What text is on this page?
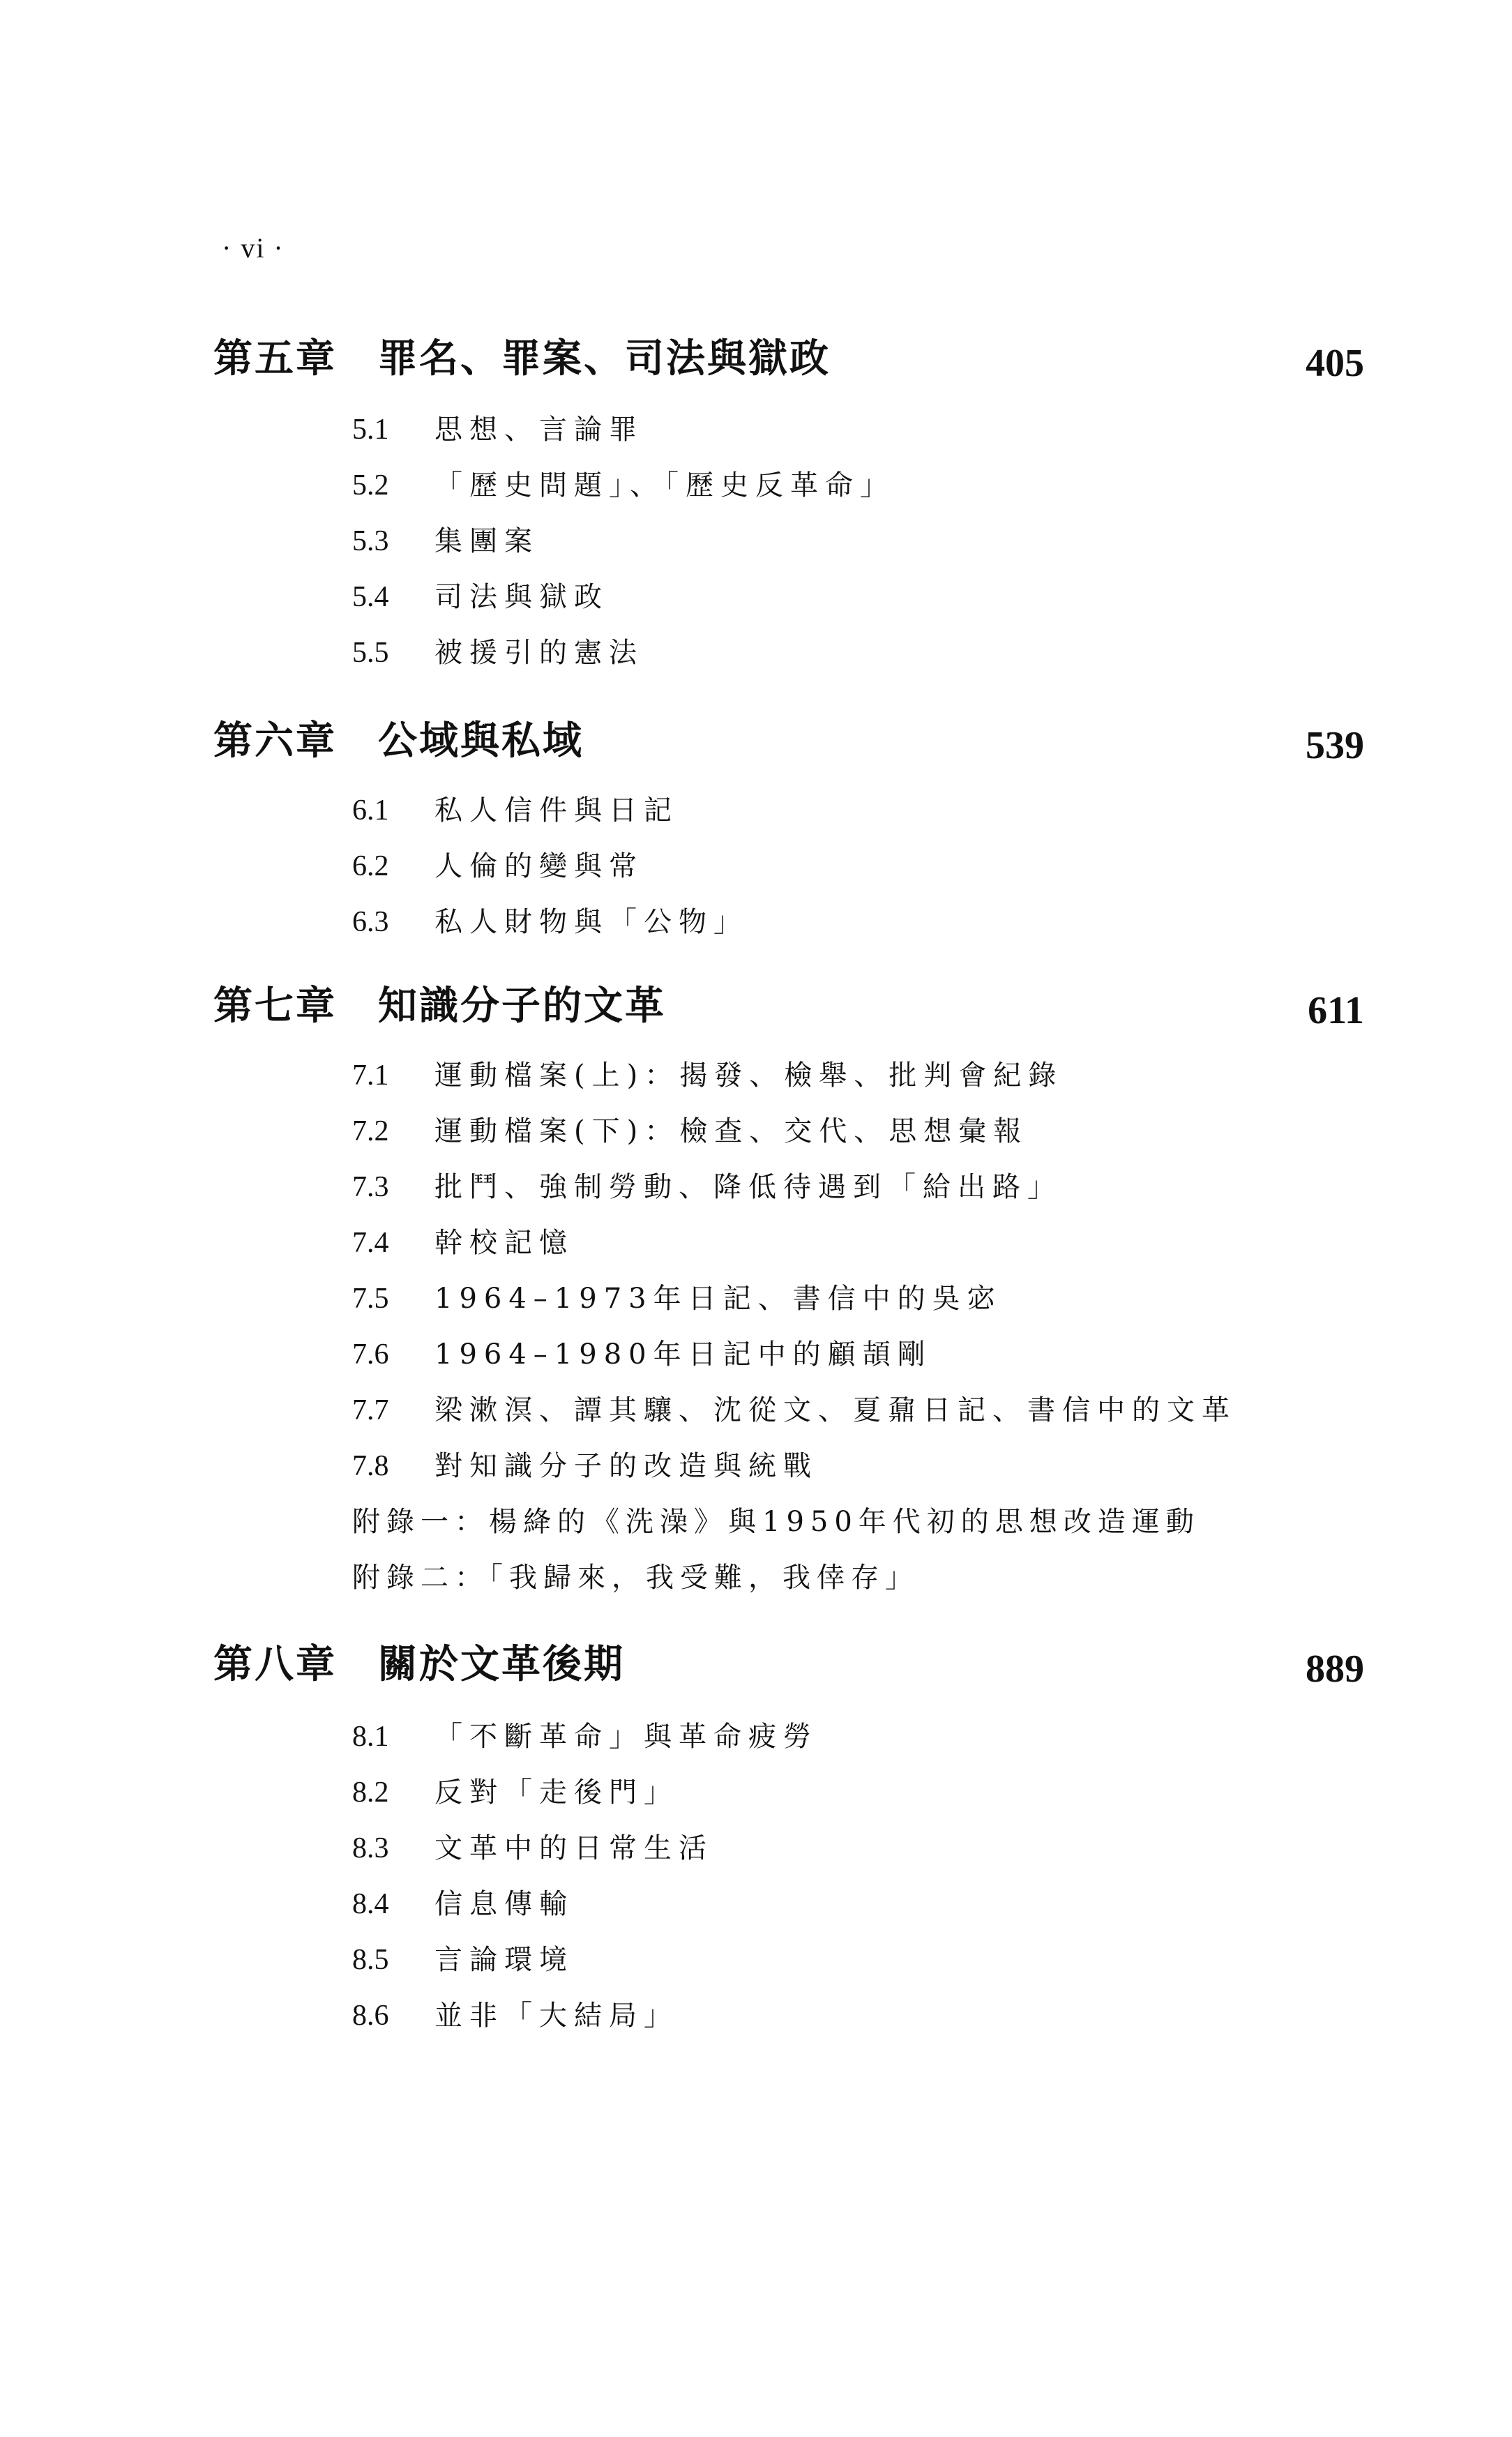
· vi ·
第五章　罪名、罪案、司法與獄政	405
5.1 思想、言論罪
5.2 「歷史問題」、「歷史反革命」
5.3 集團案
5.4 司法與獄政
5.5 被援引的憲法
第六章　公域與私域	539
6.1 私人信件與日記
6.2 人倫的變與常
6.3 私人財物與「公物」
第七章　知識分子的文革	611
7.1 運動檔案(上)：揭發、檢舉、批判會紀錄
7.2 運動檔案(下)：檢查、交代、思想彙報
7.3 批鬥、強制勞動、降低待遇到「給出路」
7.4 幹校記憶
7.5 1964–1973年日記、書信中的吳宓
7.6 1964–1980年日記中的顧頡剛
7.7 梁漱溟、譚其驤、沈從文、夏鼐日記、書信中的文革
7.8 對知識分子的改造與統戰
附錄一：楊絳的《洗澡》與1950年代初的思想改造運動
附錄二：「我歸來，我受難，我倖存」
第八章　關於文革後期	889
8.1 「不斷革命」與革命疲勞
8.2 反對「走後門」
8.3 文革中的日常生活
8.4 信息傳輸
8.5 言論環境
8.6 並非「大結局」
